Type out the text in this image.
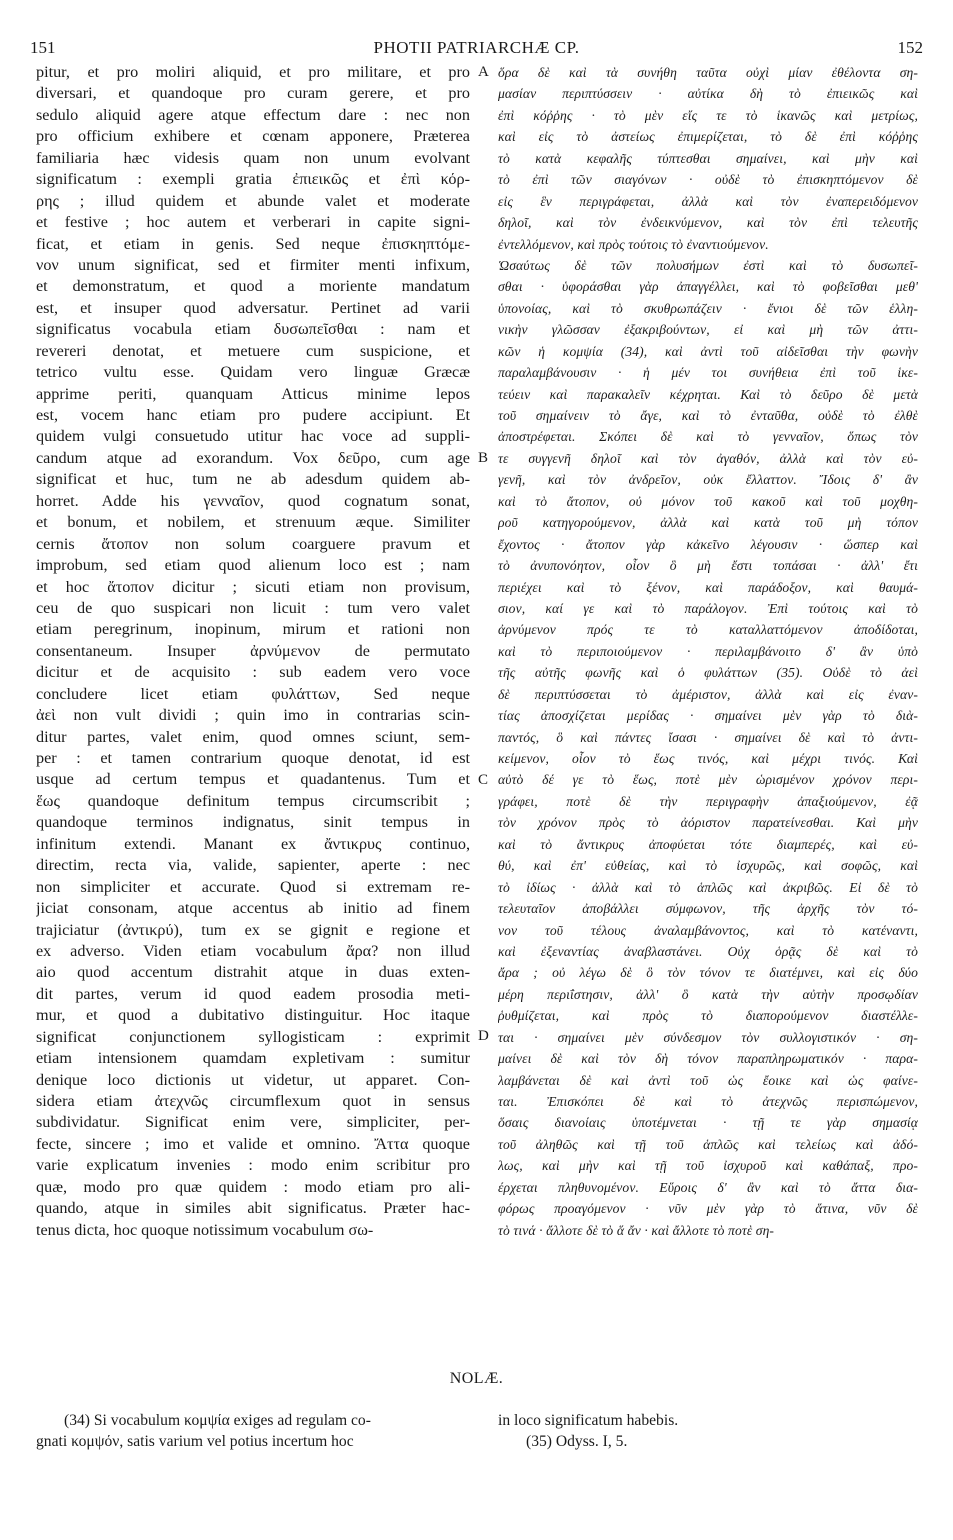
151	PHOTII PATRIARCHÆ CP.	152
pitur, et pro moliri aliquid, et pro militare, et pro
diversari, et quandoque pro curam gerere, et pro
sedulo aliquid agere atque effectum dare : nec non
pro officium exhibere et cœnam apponere, Præterea
familiaria hæc videsis quam non unum evolvant
significatum : exempli gratia ἐπιεικῶς et ἐπὶ κόρ-
ρης ; illud quidem et abunde valet et moderate
et festive ; hoc autem et verberari in capite signi-
ficat, et etiam in genis. Sed neque ἐπισκηπτόμε-
νον unum significat, sed et firmiter menti infixum,
et demonstratum, et quod a moriente mandatum
est, et insuper quod adversatur. Pertinet ad varii
significatus vocabula etiam δυσωπεῖσθαι : nam et
revereri denotat, et metuere cum suspicione, et
tetrico vultu esse. Quidam vero linguæ Græcæ
apprime periti, quanquam Atticus minime lepos
est, vocem hanc etiam pro pudere accipiunt. Et
quidem vulgi consuetudo utitur hac voce ad suppli-
candum atque ad exorandum. Vox δεῦρο, cum age
significat et huc, tum ne ab adesdum quidem ab-
horret. Adde his γενναῖον, quod cognatum sonat,
et bonum, et nobilem, et strenuum æque. Similiter
cernis ἄτοπον non solum coarguere pravum et
improbum, sed etiam quod alienum loco est ; nam
et hoc ἄτοπον dicitur ; sicuti etiam non provisum,
ceu de quo suspicari non licuit : tum vero valet
etiam peregrinum, inopinum, mirum et rationi non
consentaneum. Insuper ἀρνύμενον de permutato
dicitur et de acquisito : sub eadem vero voce
concludere licet etiam φυλάττων, Sed neque
ἀεὶ non vult dividi ; quin imo in contrarias scin-
ditur partes, valet enim, quod omnes sciunt, sem-
per : et tamen contrarium quoque denotat, id est
usque ad certum tempus et quadantenus. Tum et
ἕως quandoque definitum tempus circumscribit ;
quandoque terminos indignatus, sinit tempus in
infinitum extendi. Manant ex ἄντικρυς continuo,
directim, recta via, valide, sapienter, aperte : nec
non simpliciter et accurate. Quod si extremam re-
jiciat consonam, atque accentus ab initio ad finem
trajiciatur (ἀντικρύ), tum ex se gignit e regione et
ex adverso. Viden etiam vocabulum ἄρα? non illud
aio quod accentum distrahit atque in duas exten-
dit partes, verum id quod eadem prosodia meti-
mur, et quod a dubitativo distinguitur. Hoc itaque
significat conjunctionem syllogisticam : exprimit
etiam intensionem quamdam expletivam : sumitur
denique loco dictionis ut videtur, ut apparet. Con-
sidera etiam ἀτεχνῶς circumflexum quot in sensus
subdividatur. Significat enim vere, simpliciter, per-
fecte, sincere ; imo et valide et omnino. Ἄττα quoque
varie explicatum invenies : modo enim scribitur pro
quæ, modo pro quæ quidem : modo etiam pro ali-
quando, atque in similes abit significatus. Præter hac-
tenus dicta, hoc quoque notissimum vocabulum σω-
ὅρα δὲ καὶ τὰ συνήθη ταῦτα οὐχὶ μίαν ἐθέλοντα ση-
μασίαν περιπτύσσειν · αὐτίκα δὴ τὸ ἐπιεικῶς καὶ
ἐπὶ κόῤῥης · τὸ μὲν εἴς τε τὸ ἱκανῶς καὶ μετρίως,
καὶ εἰς τὸ ἀστείως ἐπιμερίζεται, τὸ δὲ ἐπὶ κόῤῥης
τὸ κατὰ κεφαλῆς τύπτεσθαι σημαίνει, καὶ μὴν καὶ
τὸ ἐπὶ τῶν σιαγόνων · οὐδὲ τὸ ἐπισκηπτόμενον δὲ
εἰς ἓν περιγράφεται, ἀλλὰ καὶ τὸν ἐναπερειδόμενον
δηλοῖ, καὶ τὸν ἐνδεικνύμενον, καὶ τὸν ἐπὶ τελευτῆς
ἐντελλόμενον, καὶ πρὸς τούτοις τὸ ἐναντιούμενον.
Ὡσαύτως δὲ τῶν πολυσήμων ἐστὶ καὶ τὸ δυσωπεῖ-
σθαι · ὑφοράσθαι γὰρ ἀπαγγέλλει, καὶ τὸ φοβεῖσθαι μεθ'
ὑπονοίας, καὶ τὸ σκυθρωπάζειν · ἔνιοι δὲ τῶν ἑλλη-
νικὴν γλῶσσαν ἐξακριβούντων, εἰ καὶ μὴ τῶν ἀττι-
κῶν ἡ κομψία (34), καὶ ἀντὶ τοῦ αἰδεῖσθαι τὴν φωνὴν
παραλαμβάνουσιν · ἡ μέν τοι συνήθεια ἐπὶ τοῦ ἱκε-
τεύειν καὶ παρακαλεῖν κέχρηται. Καὶ τὸ δεῦρο δὲ μετὰ
τοῦ σημαίνειν τὸ ἄγε, καὶ τὸ ἐνταῦθα, οὐδὲ τὸ ἐλθὲ
ἀποστρέφεται. Σκόπει δὲ καὶ τὸ γενναῖον, ὅπως τὸν
τε συγγενῆ δηλοῖ καὶ τὸν ἀγαθόν, ἀλλὰ καὶ τὸν εὐ-
γενῆ, καὶ τὸν ἀνδρεῖον, οὐκ ἔλλαττον. Ἴδοις δ' ἂν
καὶ τὸ ἄτοπον, οὐ μόνον τοῦ κακοῦ καὶ τοῦ μοχθη-
ροῦ κατηγορούμενον, ἀλλὰ καὶ κατὰ τοῦ μὴ τόπον
ἔχοντος · ἄτοπον γὰρ κἀκεῖνο λέγουσιν · ὥσπερ καὶ
τὸ ἀνυπονόητον, οἷον ὃ μὴ ἔστι τοπάσαι · ἀλλ' ἔτι
περιέχει καὶ τὸ ξένον, καὶ παράδοξον, καὶ θαυμά-
σιον, καί γε καὶ τὸ παράλογον. Ἐπὶ τούτοις καὶ τὸ
ἀρνύμενον πρός τε τὸ καταλλαττόμενον ἀποδίδοται,
καὶ τὸ περιποιούμενον · περιλαμβάνοιτο δ' ἂν ὑπὸ
τῆς αὐτῆς φωνῆς καὶ ὁ φυλάττων (35). Οὐδὲ τὸ ἀεὶ
δὲ περιπτύσσεται τὸ ἀμέριστον, ἀλλὰ καὶ εἰς ἐναν-
τίας ἀποσχίζεται μερίδας · σημαίνει μὲν γὰρ τὸ διὰ-
παντός, ὃ καὶ πάντες ἴσασι · σημαίνει δὲ καὶ τὸ ἀντι-
κείμενον, οἷον τὸ ἕως τινός, καὶ μέχρι τινός. Καὶ
αὐτὸ δέ γε τὸ ἕως, ποτὲ μὲν ὡρισμένον χρόνον περι-
γράφει, ποτὲ δὲ τὴν περιγραφὴν ἀπαξιούμενον, ἐᾷ
τὸν χρόνον πρὸς τὸ ἀόριστον παρατείνεσθαι. Καὶ μὴν
καὶ τὸ ἄντικρυς ἀποφύεται τότε διαμπερές, καὶ εὐ-
θύ, καὶ ἐπ' εὐθείας, καὶ τὸ ἰσχυρῶς, καὶ σοφῶς, καὶ
τὸ ἰδίως · ἀλλὰ καὶ τὸ ἁπλῶς καὶ ἀκριβῶς. Εἰ δὲ τὸ
τελευταῖον ἀποβάλλει σύμφωνον, τῆς ἀρχῆς τὸν τό-
νον τοῦ τέλους ἀναλαμβάνοντος, καὶ τὸ κατέναντι,
καὶ ἐξεναντίας ἀναβλαστάνει. Οὐχ ὁρᾷς δὲ καὶ τὸ
ἄρα ; οὐ λέγω δὲ ὃ τὸν τόνον τε διατέμνει, καὶ εἰς δύο
μέρη περιΐστησιν, ἀλλ' ὃ κατὰ τὴν αὐτὴν προσῳδίαν
ῥυθμίζεται, καὶ πρὸς τὸ διαπορούμενον διαστέλλε-
ται · σημαίνει μὲν σύνδεσμον τὸν συλλογιστικόν · ση-
μαίνει δὲ καὶ τὸν δὴ τόνον παραπληρωματικόν · παρα-
λαμβάνεται δὲ καὶ ἀντὶ τοῦ ὡς ἔοικε καὶ ὡς φαίνε-
ται. Ἐπισκόπει δὲ καὶ τὸ ἀτεχνῶς περισπώμενον,
ὅσαις διανοίαις ὑποτέμνεται · τῇ τε γὰρ σημασίᾳ
τοῦ ἀληθῶς καὶ τῇ τοῦ ἁπλῶς καὶ τελείως καὶ ἀδό-
λως, καὶ μὴν καὶ τῇ τοῦ ἰσχυροῦ καὶ καθάπαξ, προ-
έρχεται πληθυνομένον. Εὕροις δ' ἂν καὶ τὸ ἄττα δια-
φόρως προαγόμενον · νῦν μὲν γὰρ τὸ ἅτινα, νῦν δὲ
τὸ τινά · ἄλλοτε δὲ τὸ ἅ ἄν · καὶ ἄλλοτε τὸ ποτὲ ση-
A
B
C
D
NOLÆ.
(34) Si vocabulum κομψία exiges ad regulam co-
gnati κομψόν, satis varium vel potius incertum hoc
in loco significatum habebis.
(35) Odyss. I, 5.
